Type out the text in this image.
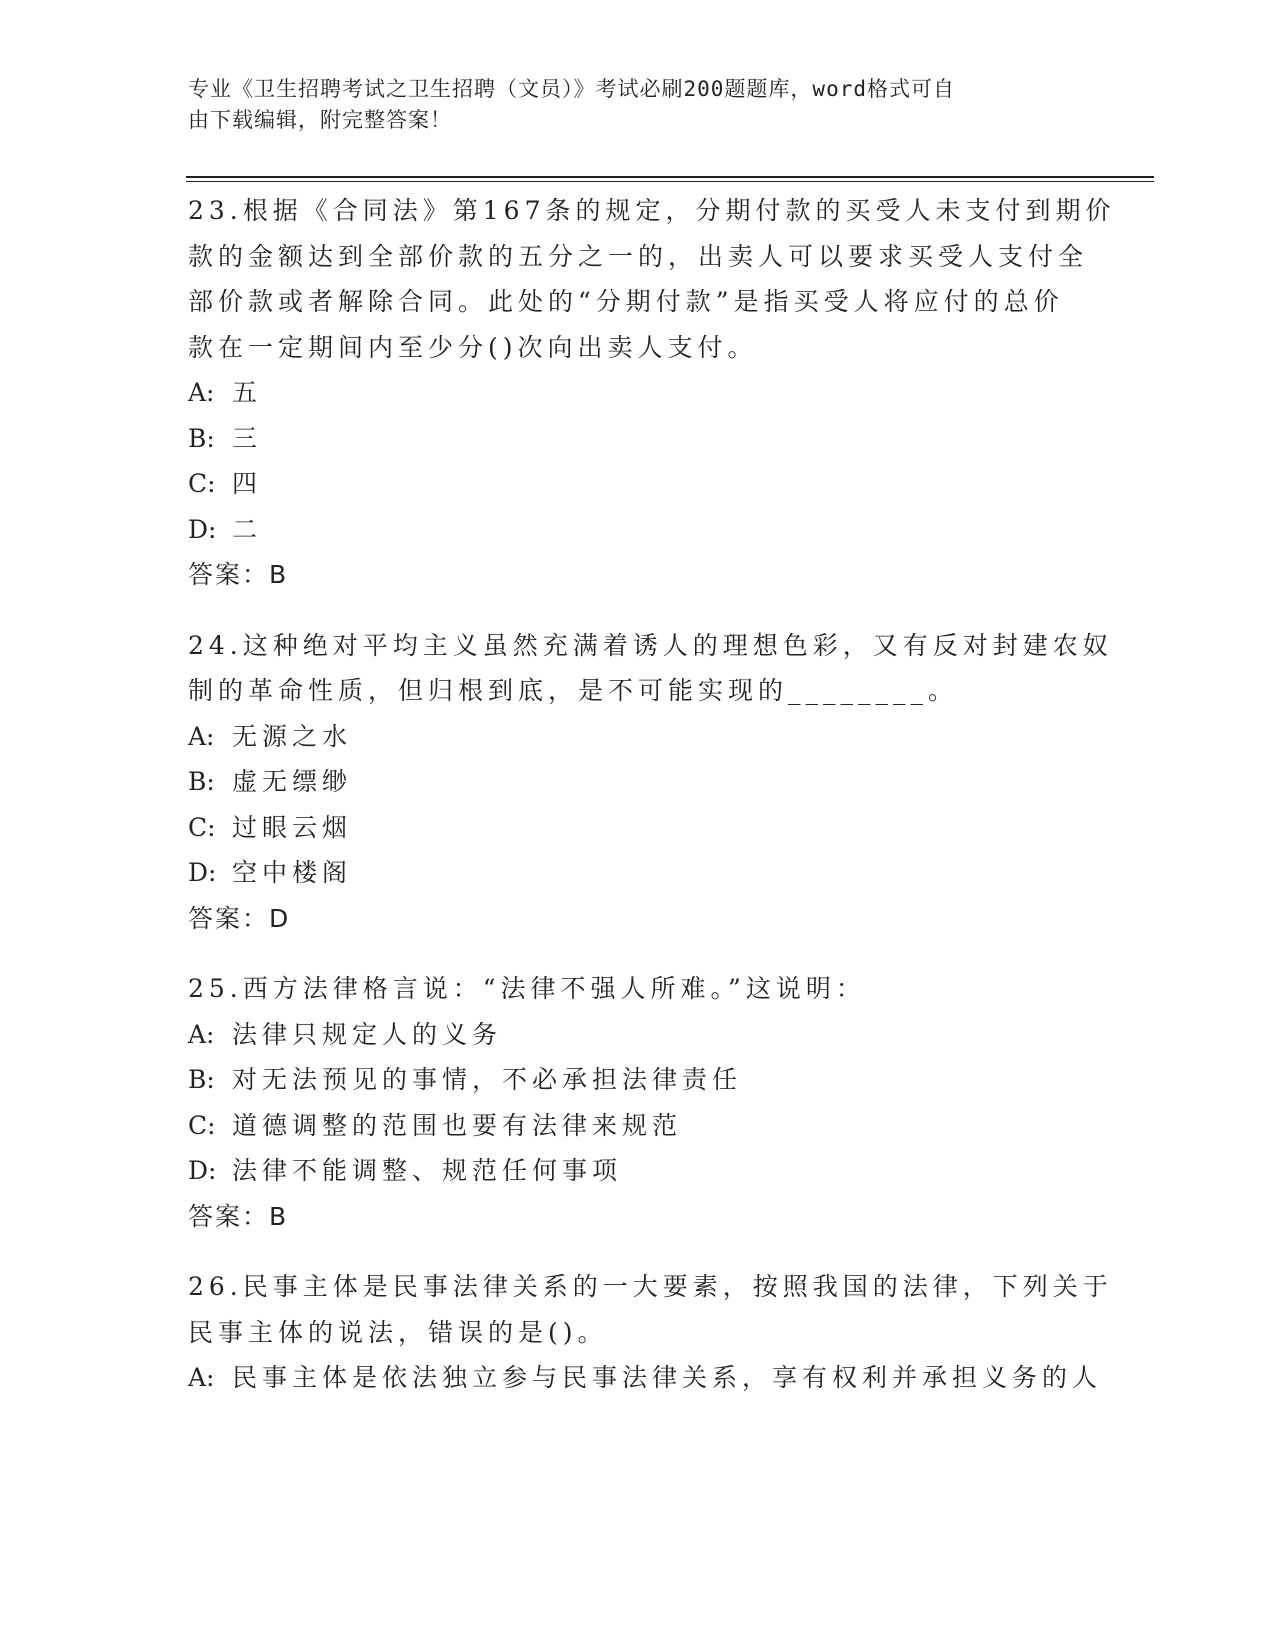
专业《卫生招聘考试之卫生招聘（文员）》考试必刷200题题库，word格式可自
由下载编辑，附完整答案！
23.根据《合同法》第167条的规定，分期付款的买受人未支付到期价
款的金额达到全部价款的五分之一的，出卖人可以要求买受人支付全
部价款或者解除合同。此处的“分期付款”是指买受人将应付的总价
款在一定期间内至少分()次向出卖人支付。
A: 五
B: 三
C: 四
D: 二
答案：B
24.这种绝对平均主义虽然充满着诱人的理想色彩，又有反对封建农奴
制的革命性质，但归根到底，是不可能实现的________。
A: 无源之水
B: 虚无缥缈
C: 过眼云烟
D: 空中楼阁
答案：D
25.西方法律格言说：“法律不强人所难。”这说明：
A: 法律只规定人的义务
B: 对无法预见的事情，不必承担法律责任
C: 道德调整的范围也要有法律来规范
D: 法律不能调整、规范任何事项
答案：B
26.民事主体是民事法律关系的一大要素，按照我国的法律，下列关于
民事主体的说法，错误的是()。
A: 民事主体是依法独立参与民事法律关系，享有权利并承担义务的人
